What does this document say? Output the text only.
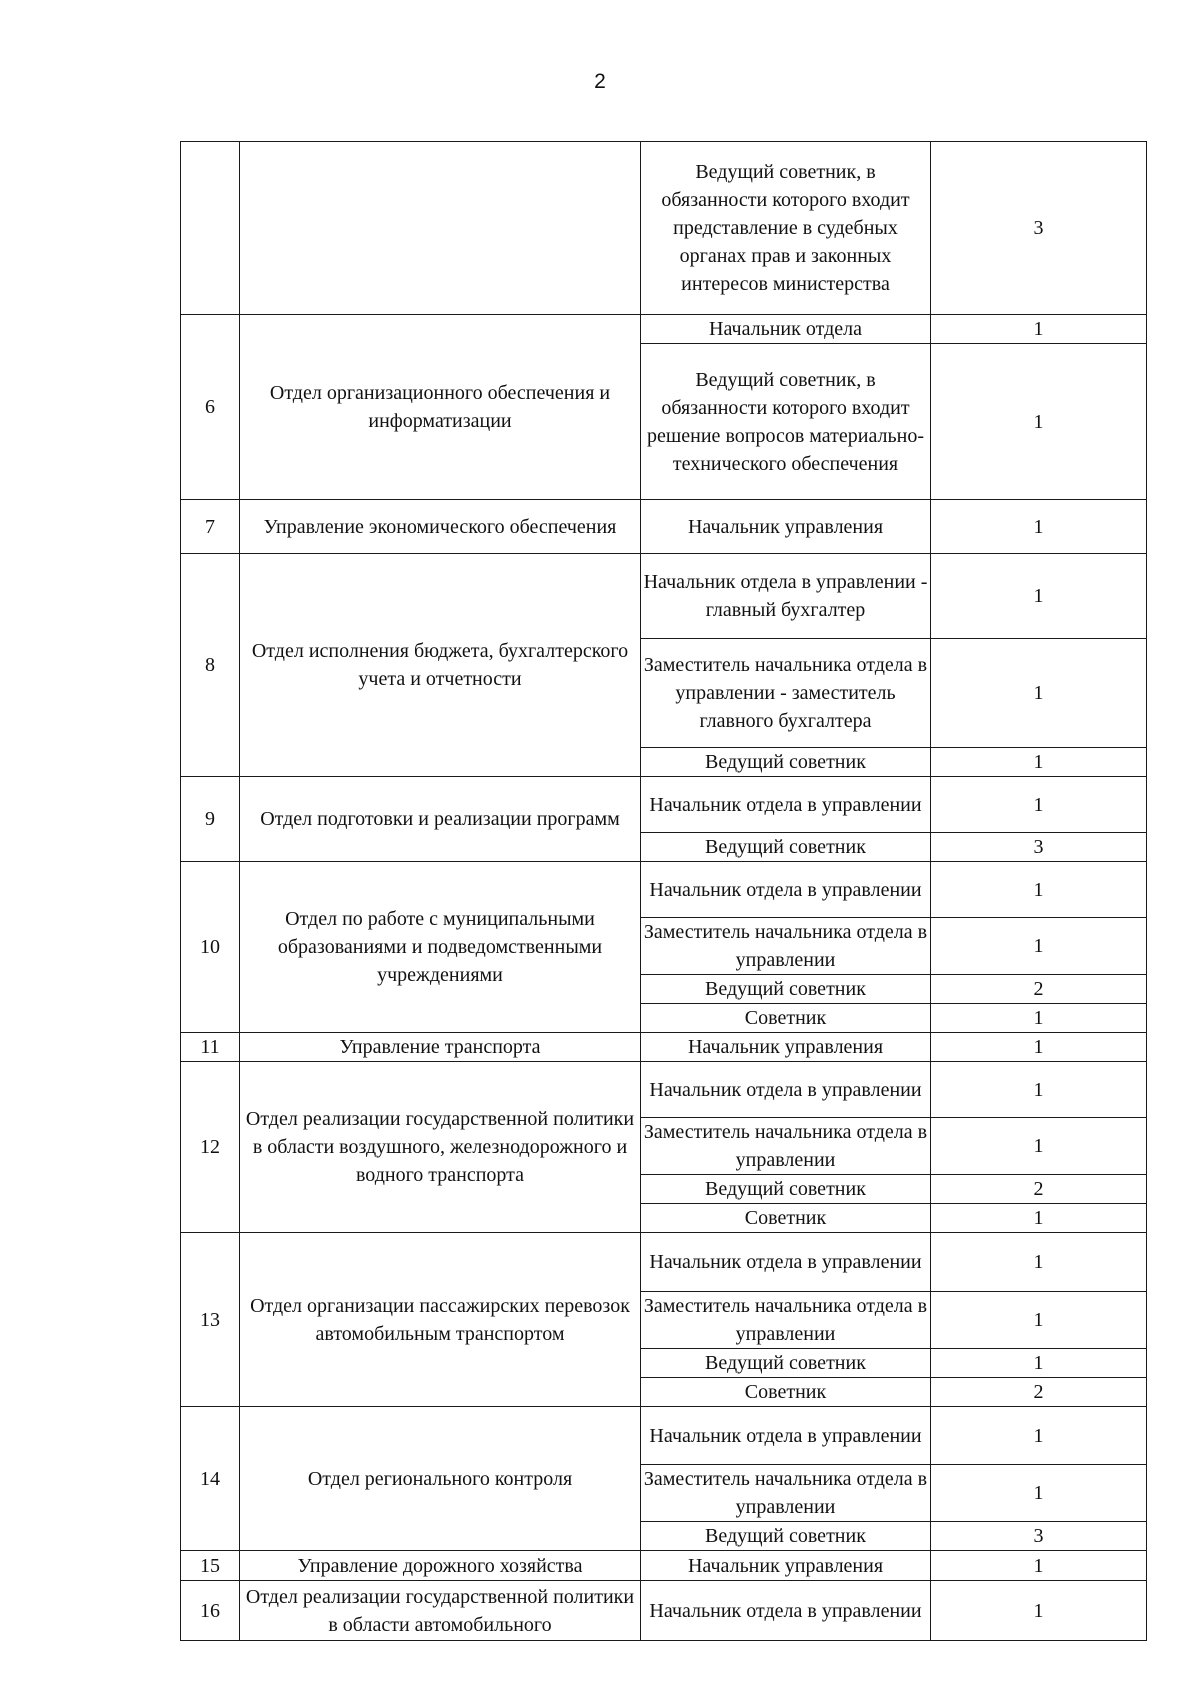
2
		Ведущий советник, в обязанности которого входит представление в судебных органах прав и законных интересов министерства	3
6	Отдел организационного обеспечения и информатизации	Начальник отдела	1
		Ведущий советник, в обязанности которого входит решение вопросов материально- технического обеспечения	1
7	Управление экономического обеспечения	Начальник управления	1
8	Отдел исполнения бюджета, бухгалтерского учета и отчетности	Начальник отдела в управлении - главный бухгалтер	1
		Заместитель начальника отдела в управлении - заместитель главного бухгалтера	1
		Ведущий советник	1
9	Отдел подготовки и реализации программ	Начальник отдела в управлении	1
		Ведущий советник	3
10	Отдел по работе с муниципальными образованиями и подведомственными учреждениями	Начальник отдела в управлении	1
		Заместитель начальника отдела в управлении	1
		Ведущий советник	2
		Советник	1
11	Управление транспорта	Начальник управления	1
12	Отдел реализации государственной политики в области воздушного, железнодорожного и водного транспорта	Начальник отдела в управлении	1
		Заместитель начальника отдела в управлении	1
		Ведущий советник	2
		Советник	1
13	Отдел организации пассажирских перевозок автомобильным транспортом	Начальник отдела в управлении	1
		Заместитель начальника отдела в управлении	1
		Ведущий советник	1
		Советник	2
14	Отдел регионального контроля	Начальник отдела в управлении	1
		Заместитель начальника отдела в управлении	1
		Ведущий советник	3
15	Управление дорожного хозяйства	Начальник управления	1
16	Отдел реализации государственной политики в области автомобильного	Начальник отдела в управлении	1
